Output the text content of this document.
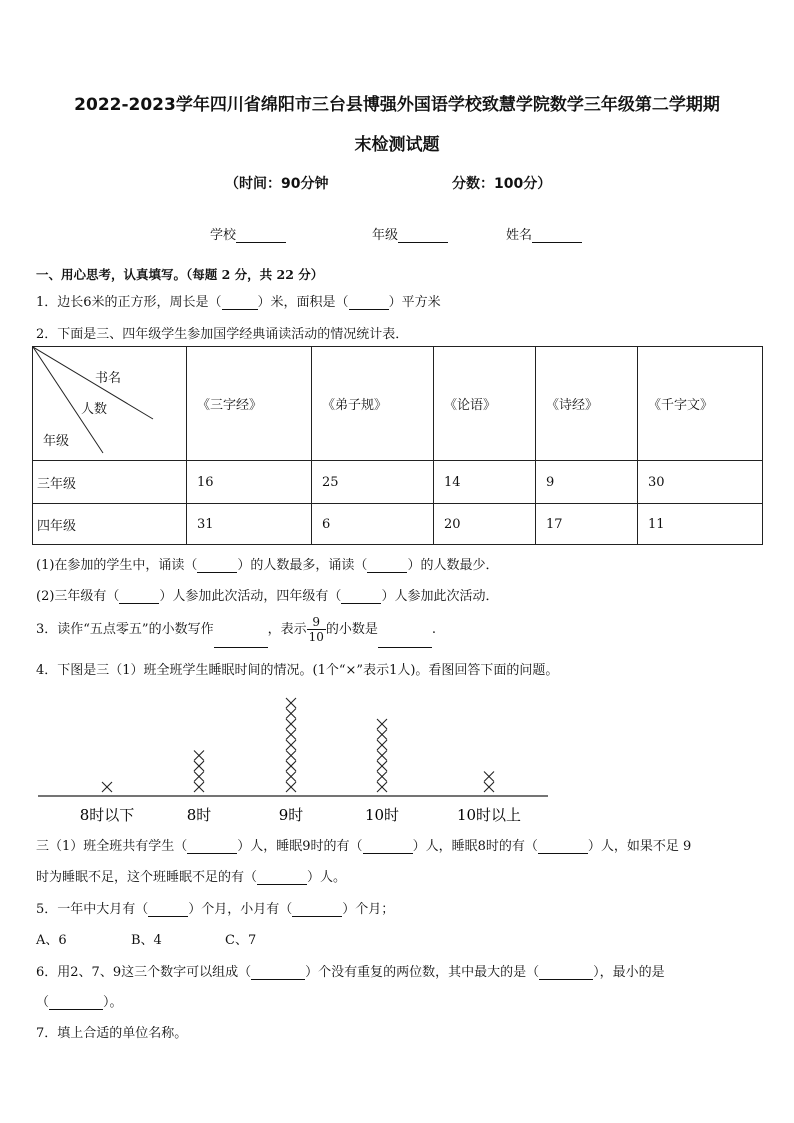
2022-2023学年四川省绵阳市三台县博强外国语学校致慧学院数学三年级第二学期期
末检测试题
（时间：90分钟	分数：100分）
学校	年级	姓名
一、用心思考，认真填写。（每题 2 分，共 22 分）
1．边长6米的正方形，周长是（	）米，面积是（	）平方米
2．下面是三、四年级学生参加国学经典诵读活动的情况统计表．
书名
人数
年级	《三字经》	《弟子规》	《论语》	《诗经》	《千字文》
三年级	16	25	14	9	30
四年级	31	6	20	17	11
(1)在参加的学生中，诵读（	）的人数最多，诵读（	）的人数最少．
(2)三年级有（	）人参加此次活动，四年级有（	）人参加此次活动．
3．读作“五点零五”的小数写作	，表示 $\frac{9}{10}$ 的小数是	.
4．下图是三（1）班全班学生睡眠时间的情况。(1个“×”表示1人)。看图回答下面的问题。
8时以下	8时	9时	10时	10时以上
三（1）班全班共有学生（	）人，睡眠9时的有（	）人，睡眠8时的有（	）人，如果不足 9
时为睡眠不足，这个班睡眠不足的有（	）人。
5．一年中大月有（	）个月，小月有（	）个月；
A、6	B、4	C、7
6．用2、7、9这三个数字可以组成（	）个没有重复的两位数，其中最大的是（	），最小的是
（	）。
7．填上合适的单位名称。
